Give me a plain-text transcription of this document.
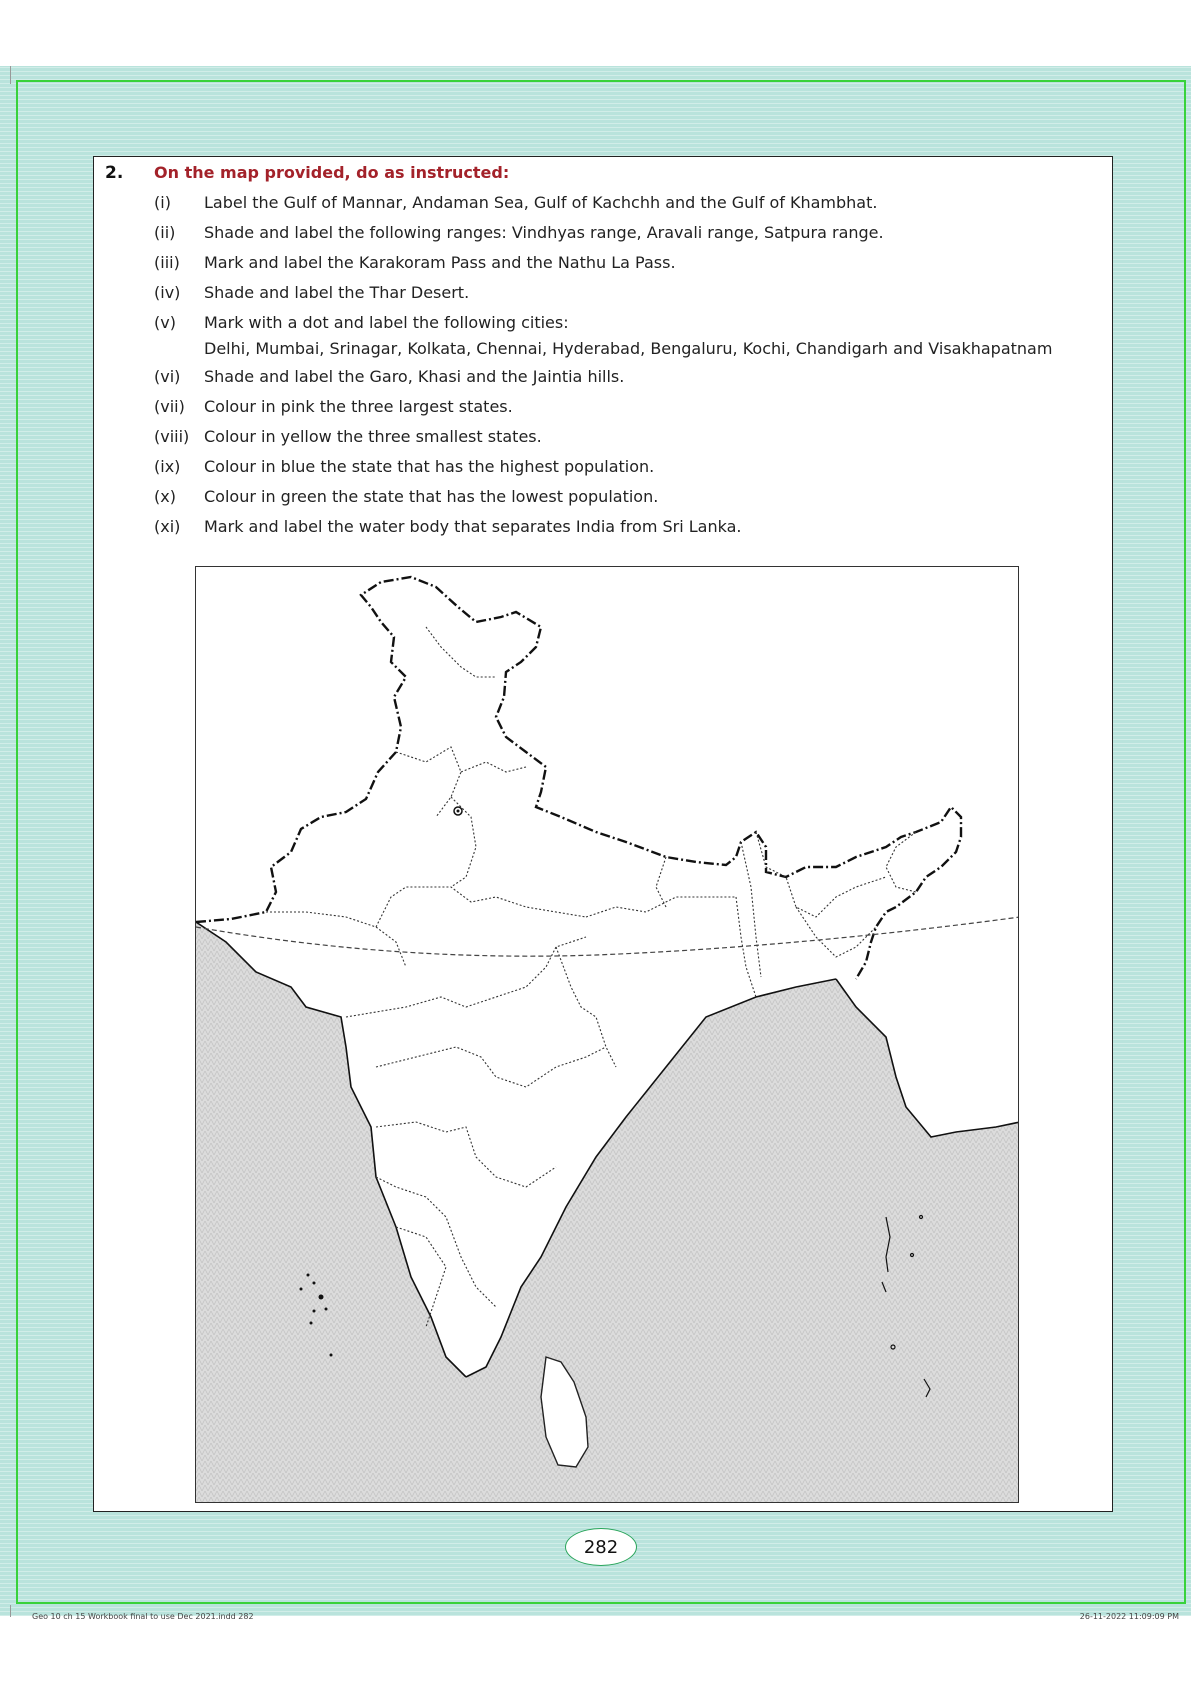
2. On the map provided, do as instructed:
(i)	Label the Gulf of Mannar, Andaman Sea, Gulf of Kachchh and the Gulf of Khambhat.
(ii)	Shade and label the following ranges: Vindhyas range, Aravali range, Satpura range.
(iii)	Mark and label the Karakoram Pass and the Nathu La Pass.
(iv)	Shade and label the Thar Desert.
(v)	Mark with a dot and label the following cities:
Delhi, Mumbai, Srinagar, Kolkata, Chennai, Hyderabad, Bengaluru, Kochi, Chandigarh and Visakhapatnam
(vi)	Shade and label the Garo, Khasi and the Jaintia hills.
(vii)	Colour in pink the three largest states.
(viii) Colour in yellow the three smallest states.
(ix)	Colour in blue the state that has the highest population.
(x)	Colour in green the state that has the lowest population.
(xi)	Mark and label the water body that separates India from Sri Lanka.
282
Geo 10 ch 15 Workbook final to use Dec 2021.indd 282	26-11-2022 11:09:09 PM
